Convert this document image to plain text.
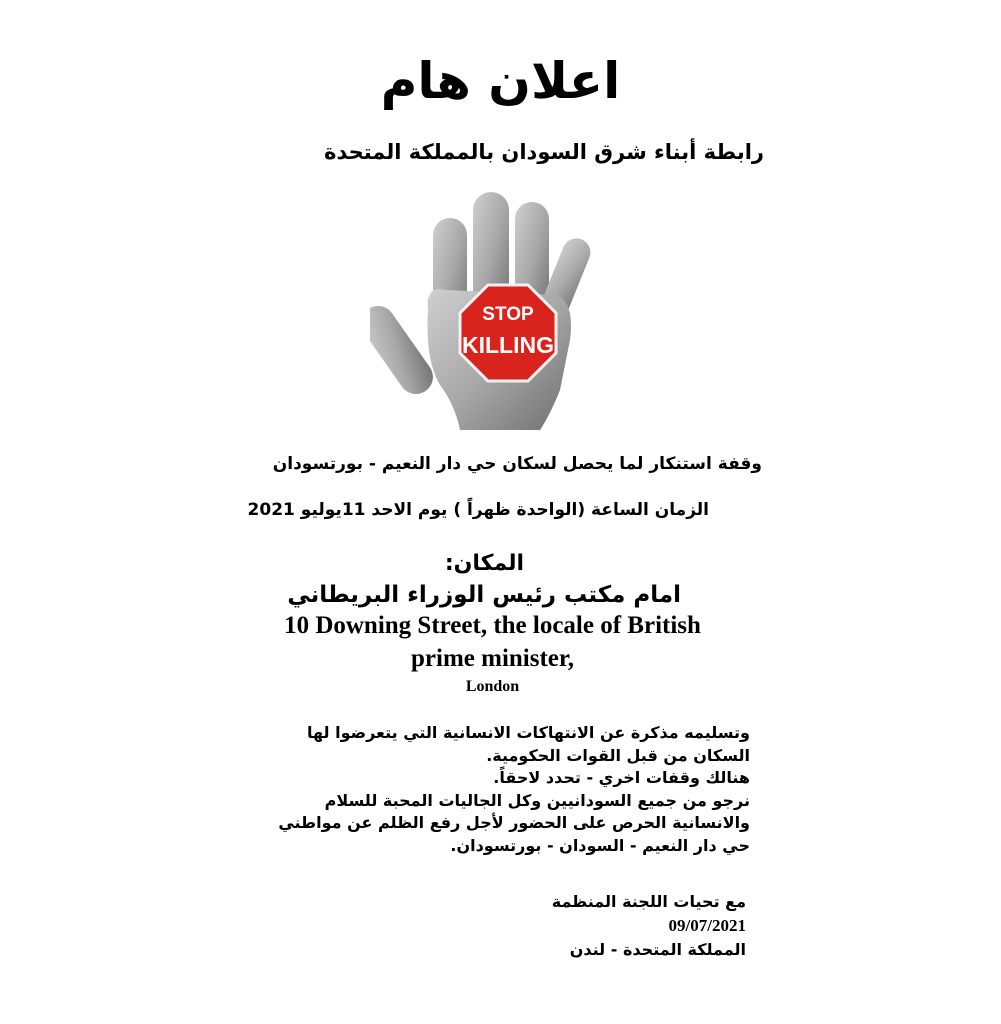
اعلان هام
رابطة أبناء شرق السودان بالمملكة المتحدة
STOP
KILLING
Colo
وقفة استنكار لما يحصل لسكان حي دار النعيم - بورتسودان
الزمان الساعة (الواحدة ظهراً ) يوم الاحد 11يوليو 2021
المكان:
امام مكتب رئيس الوزراء البريطاني
10 Downing Street, the locale of British
prime minister,
London
وتسليمه مذكرة عن الانتهاكات الانسانية التي يتعرضوا لها
السكان من قبل القوات الحكومية.
هنالك وقفات اخري - تحدد لاحقاً.
نرجو من جميع السودانيين وكل الجاليات المحبة للسلام
والانسانية الحرص على الحضور لأجل رفع الظلم عن مواطني
حي دار النعيم - السودان - بورتسودان.
مع تحيات اللجنة المنظمة
09/07/2021
المملكة المتحدة - لندن
